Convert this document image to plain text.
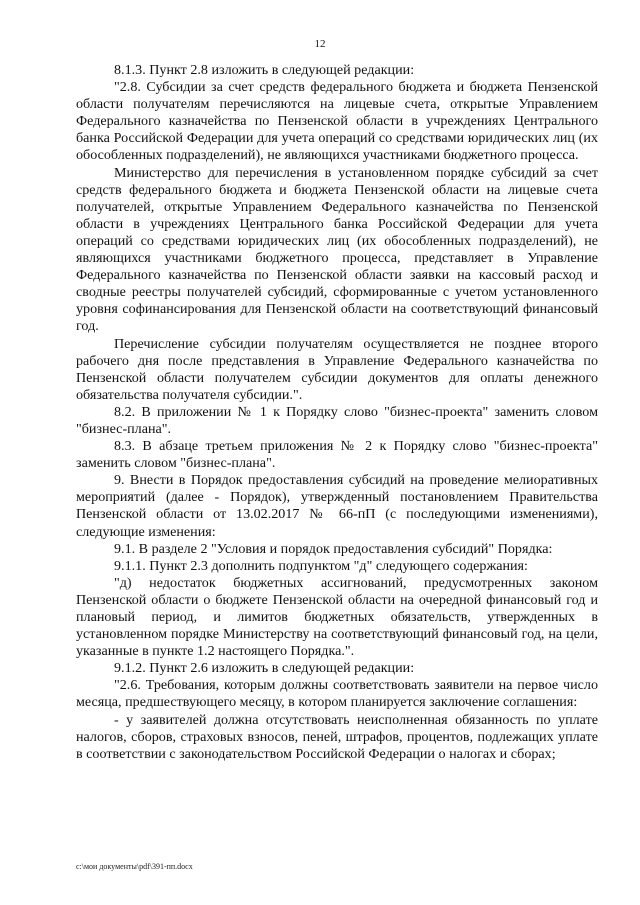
12

8.1.3. Пункт 2.8 изложить в следующей редакции:

"2.8. Субсидии за счет средств федерального бюджета и бюджета Пензенской области получателям перечисляются на лицевые счета, открытые Управлением Федерального казначейства по Пензенской области в учреждениях Центрального банка Российской Федерации для учета операций со средствами юридических лиц (их обособленных подразделений), не являющихся участниками бюджетного процесса.

Министерство для перечисления в установленном порядке субсидий за счет средств федерального бюджета и бюджета Пензенской области на лицевые счета получателей, открытые Управлением Федерального казначейства по Пензенской области в учреждениях Центрального банка Российской Федерации для учета операций со средствами юридических лиц (их обособленных подразделений), не являющихся участниками бюджетного процесса, представляет в Управление Федерального казначейства по Пензенской области заявки на кассовый расход и сводные реестры получателей субсидий, сформированные с учетом установленного уровня софинансирования для Пензенской области на соответствующий финансовый год.

Перечисление субсидии получателям осуществляется не позднее второго рабочего дня после представления в Управление Федерального казначейства по Пензенской области получателем субсидии документов для оплаты денежного обязательства получателя субсидии.".

8.2. В приложении № 1 к Порядку слово "бизнес-проекта" заменить словом "бизнес-плана".

8.3. В абзаце третьем приложения № 2 к Порядку слово "бизнес-проекта" заменить словом "бизнес-плана".

9. Внести в Порядок предоставления субсидий на проведение мелиоративных мероприятий (далее - Порядок), утвержденный постановлением Правительства Пензенской области от 13.02.2017 № 66-пП (с последующими изменениями), следующие изменения:

9.1. В разделе 2 "Условия и порядок предоставления субсидий" Порядка:

9.1.1. Пункт 2.3 дополнить подпунктом "д" следующего содержания:

"д) недостаток бюджетных ассигнований, предусмотренных законом Пензенской области о бюджете Пензенской области на очередной финансовый год и плановый период, и лимитов бюджетных обязательств, утвержденных в установленном порядке Министерству на соответствующий финансовый год, на цели, указанные в пункте 1.2 настоящего Порядка.".

9.1.2. Пункт 2.6 изложить в следующей редакции:

"2.6. Требования, которым должны соответствовать заявители на первое число месяца, предшествующего месяцу, в котором планируется заключение соглашения:

- у заявителей должна отсутствовать неисполненная обязанность по уплате налогов, сборов, страховых взносов, пеней, штрафов, процентов, подлежащих уплате в соответствии с законодательством Российской Федерации о налогах и сборах;

c:\мои документы\pdf\391-пп.docx
